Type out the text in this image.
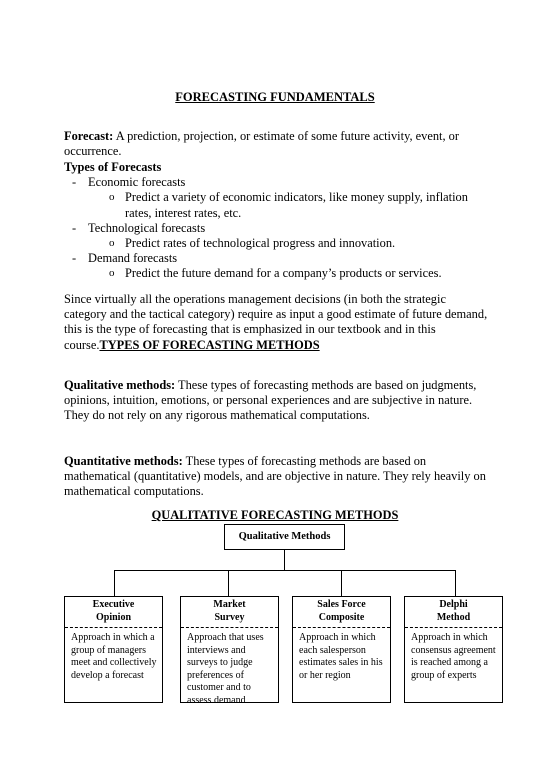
FORECASTING FUNDAMENTALS
Forecast: A prediction, projection, or estimate of some future activity, event, or occurrence.
Types of Forecasts
- Economic forecasts
o Predict a variety of economic indicators, like money supply, inflation rates, interest rates, etc.
- Technological forecasts
o Predict rates of technological progress and innovation.
- Demand forecasts
o Predict the future demand for a company’s products or services.
Since virtually all the operations management decisions (in both the strategic category and the tactical category) require as input a good estimate of future demand, this is the type of forecasting that is emphasized in our textbook and in this course.TYPES OF FORECASTING METHODS
Qualitative methods: These types of forecasting methods are based on judgments, opinions, intuition, emotions, or personal experiences and are subjective in nature. They do not rely on any rigorous mathematical computations.
Quantitative methods: These types of forecasting methods are based on mathematical (quantitative) models, and are objective in nature. They rely heavily on mathematical computations.
QUALITATIVE FORECASTING METHODS
Qualitative Methods
Executive
Opinion
Approach in which a group of managers meet and collectively develop a forecast
Market
Survey
Approach that uses interviews and surveys to judge preferences of customer and to assess demand
Sales Force
Composite
Approach in which each salesperson estimates sales in his or her region
Delphi
Method
Approach in which consensus agreement is reached among a group of experts
